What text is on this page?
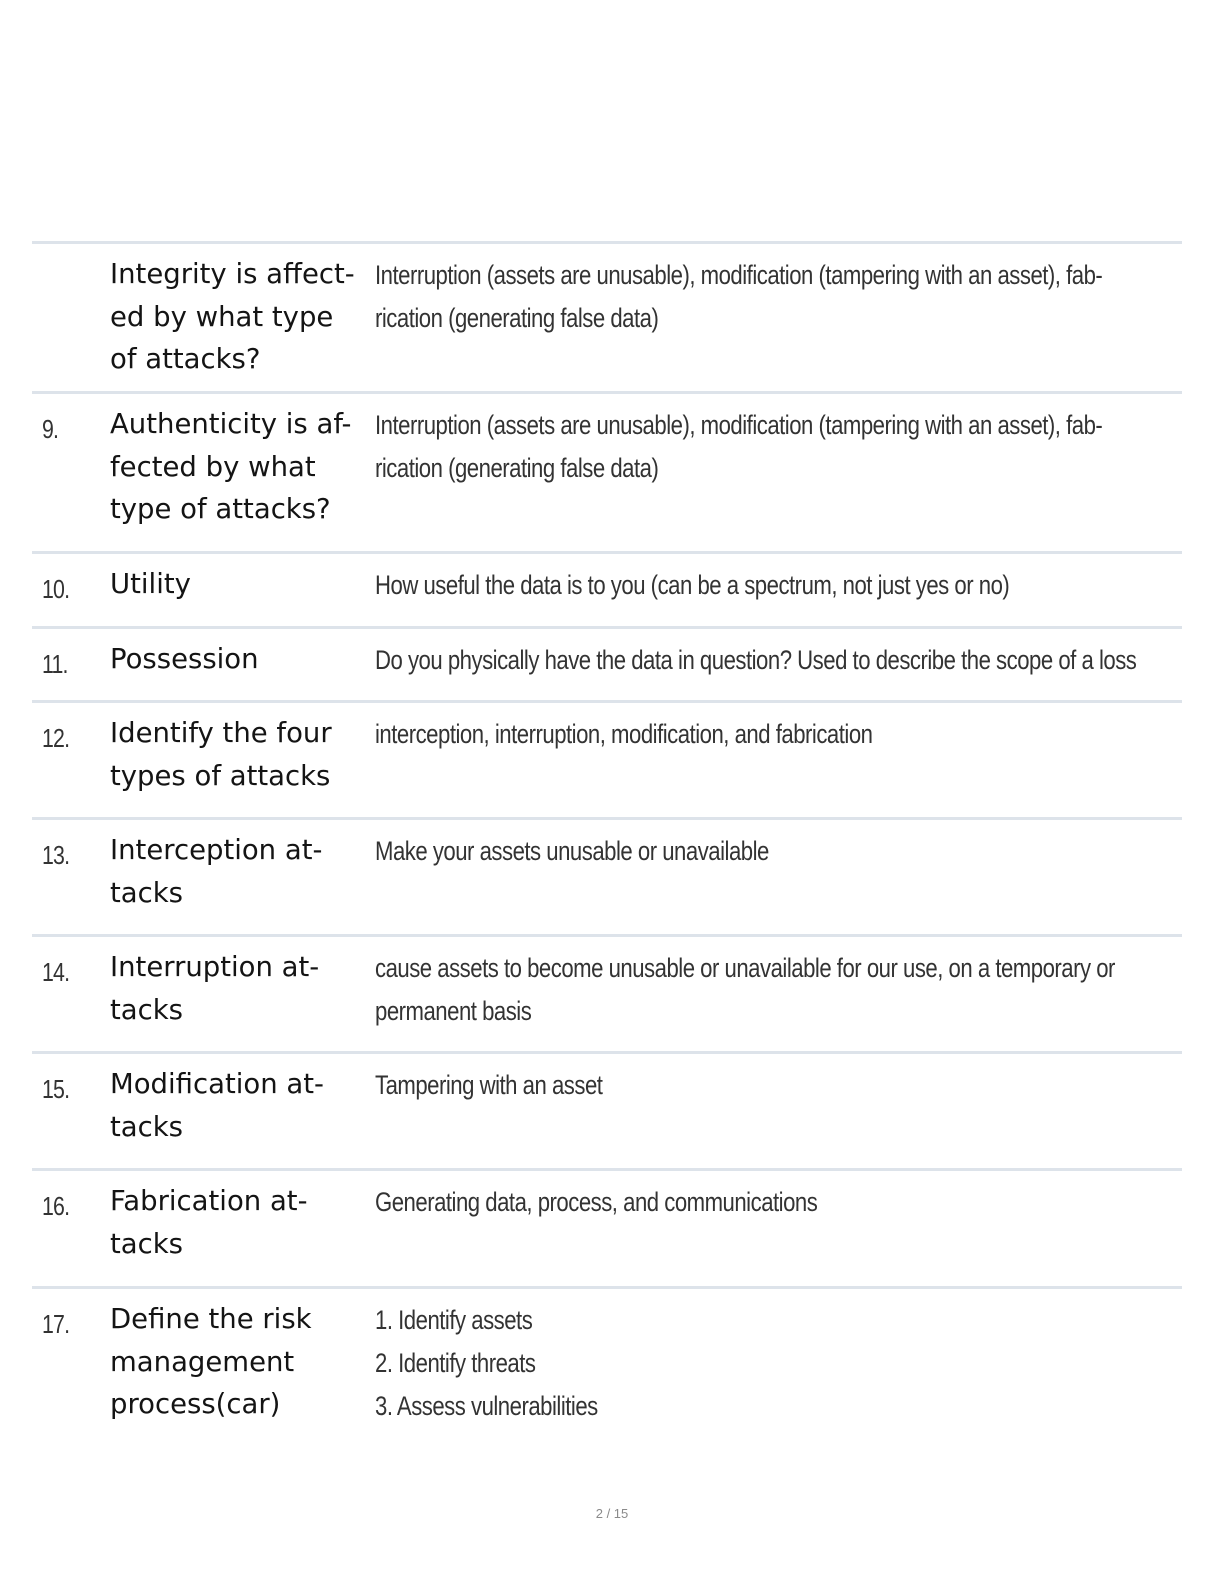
Integrity is affect-
ed by what type
of attacks?
Interruption (assets are unusable), modification (tampering with an asset), fab-
rication (generating false data)
9. Authenticity is af-
fected by what
type of attacks?
Interruption (assets are unusable), modification (tampering with an asset), fab-
rication (generating false data)
10. Utility	How useful the data is to you (can be a spectrum, not just yes or no)
11. Possession	Do you physically have the data in question? Used to describe the scope of a loss
12. Identify the four
types of attacks
interception, interruption, modification, and fabrication
13. Interception at-
tacks
Make your assets unusable or unavailable
14. Interruption at-
tacks
cause assets to become unusable or unavailable for our use, on a temporary or
permanent basis
15. Modification at-
tacks
Tampering with an asset
16. Fabrication at-
tacks
Generating data, process, and communications
17. Define the risk
management
process(car)
1. Identify assets
2. Identify threats
3. Assess vulnerabilities
2 / 15
